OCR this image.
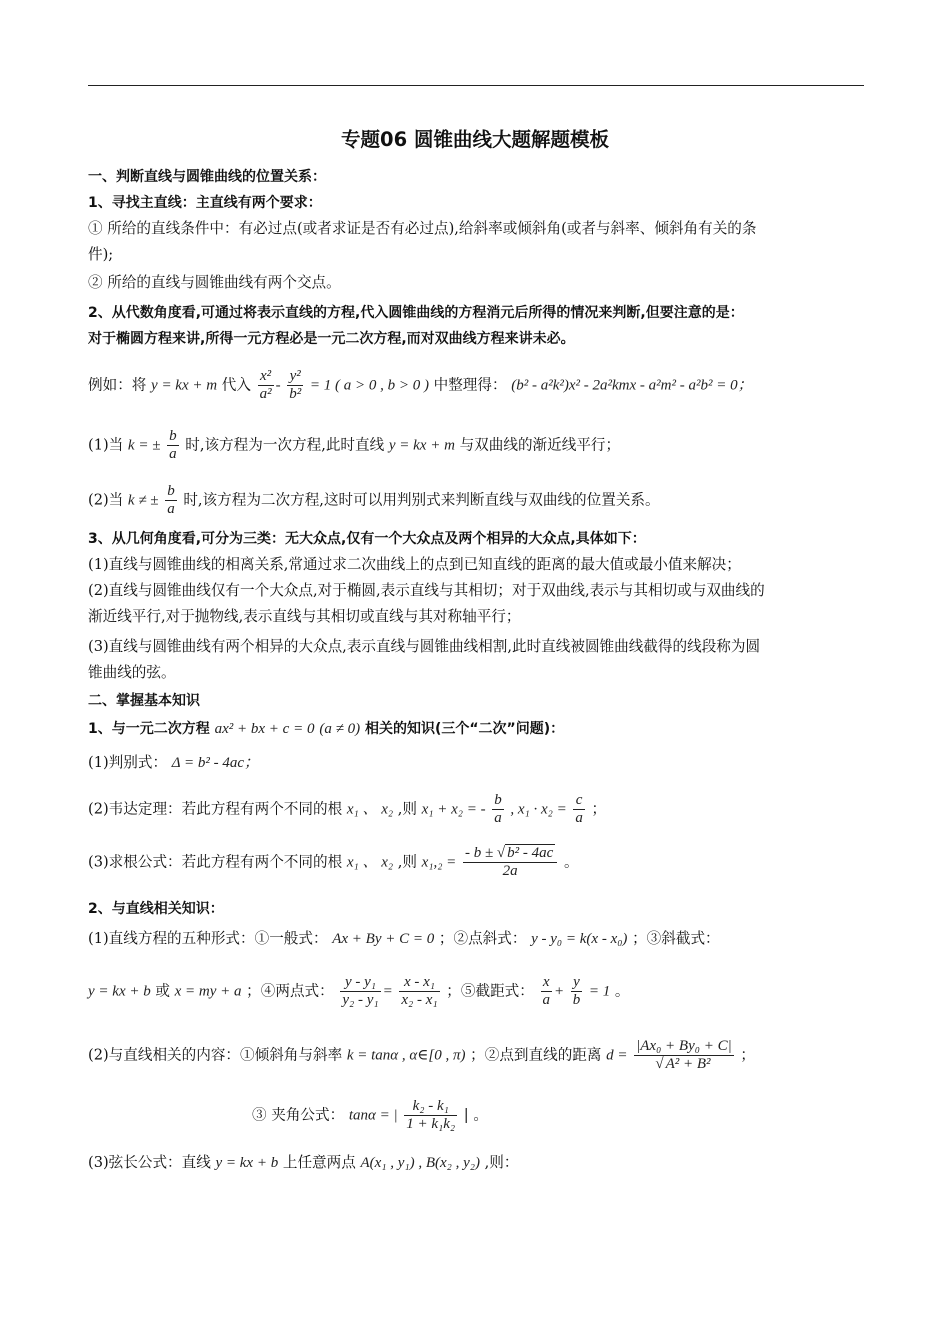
专题06 圆锥曲线大题解题模板
一、判断直线与圆锥曲线的位置关系：
1、寻找主直线：主直线有两个要求：
① 所给的直线条件中：有必过点(或者求证是否有必过点),给斜率或倾斜角(或者与斜率、倾斜角有关的条
件);
② 所给的直线与圆锥曲线有两个交点。
2、从代数角度看,可通过将表示直线的方程,代入圆锥曲线的方程消元后所得的情况来判断,但要注意的是：
对于椭圆方程来讲,所得一元方程必是一元二次方程,而对双曲线方程来讲未必。
例如：将 y = kx + m 代入 $\frac{\text{x²}}{\text{a²}} - \frac{\text{y²}}{\text{b²}} = 1$ ( a > 0 , b > 0 ) 中整理得： (b² - a²k²)x² - 2a²kmx - a²m² - a²b² = 0；
(1)当 k = ± $\frac{b}{a}$ 时,该方程为一次方程,此时直线 y = kx + m 与双曲线的渐近线平行；
(2)当 k ≠ ± $\frac{b}{a}$ 时,该方程为二次方程,这时可以用判别式来判断直线与双曲线的位置关系。
3、从几何角度看,可分为三类：无大众点,仅有一个大众点及两个相异的大众点,具体如下：
(1)直线与圆锥曲线的相离关系,常通过求二次曲线上的点到已知直线的距离的最大值或最小值来解决；
(2)直线与圆锥曲线仅有一个大众点,对于椭圆,表示直线与其相切；对于双曲线,表示与其相切或与双曲线的
渐近线平行,对于抛物线,表示直线与其相切或直线与其对称轴平行；
(3)直线与圆锥曲线有两个相异的大众点,表示直线与圆锥曲线相割,此时直线被圆锥曲线截得的线段称为圆
锥曲线的弦。
二、掌握基本知识
1、与一元二次方程 ax² + bx + c = 0 (a ≠ 0) 相关的知识(三个“二次”问题)：
(1)判别式： Δ = b² - 4ac；
(2)韦达定理：若此方程有两个不同的根 x₁ 、 x₂ ,则 x₁ + x₂ = - $\frac{b}{a}$ , $x_1 \cdot x_2 = \frac{c}{a}$ ；
(3)求根公式：若此方程有两个不同的根 x₁ 、 x₂ ,则 $x_1,_2 = \frac{\text{- b ± √ b² - 4ac}}{2a}$ 。
2、与直线相关知识：
(1)直线方程的五种形式：①一般式： Ax + By + C = 0 ；②点斜式： y - y₀ = k(x - x₀) ；③斜截式：
y = kx + b 或 x = my + a ；④两点式： $\frac{\text{y - y₁}}{\text{y₂ - y₁}} = \frac{\text{x - x₁}}{\text{x₂ - x₁}}$ ；⑤截距式： $\frac{x}{a} + \frac{y}{b} = 1$ 。
(2)与直线相关的内容：①倾斜角与斜率 k = tanα , α∈[0 , π) ；②点到直线的距离 $d = \frac{\text{|Ax₀ + By₀ + C|}}{\text{√ A² + B²}}$ ；
③ 夹角公式： tanα = | $\frac{\text{k₂ - k₁}}{\text{1 + k₁k₂}}$ | 。
(3)弦长公式：直线 y = kx + b 上任意两点 A(x₁ , y₁) , B(x₂ , y₂) ,则：
